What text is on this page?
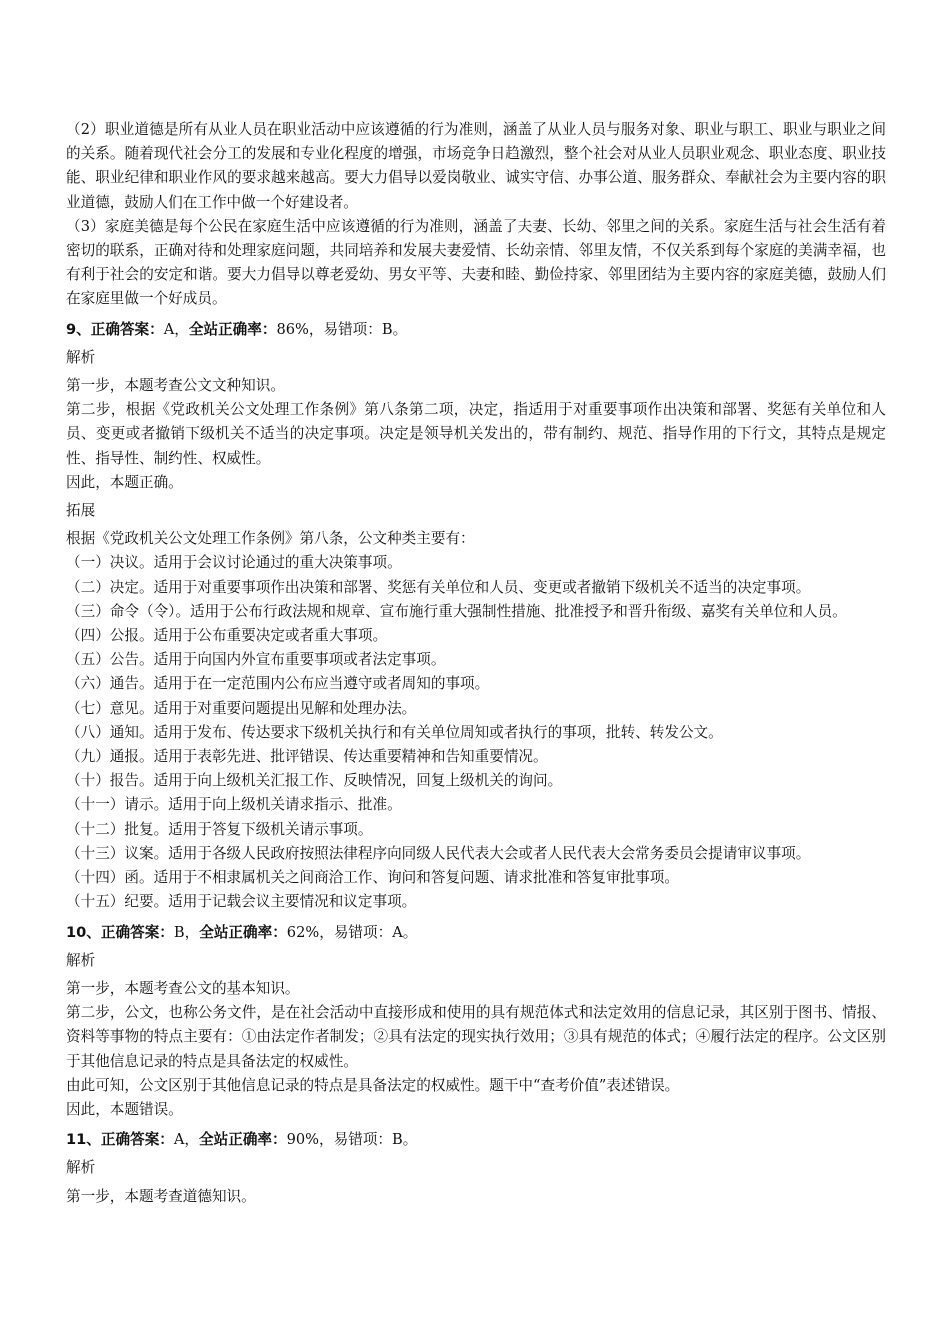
（2）职业道德是所有从业人员在职业活动中应该遵循的行为准则，涵盖了从业人员与服务对象、职业与职工、职业与职业之间的关系。随着现代社会分工的发展和专业化程度的增强，市场竞争日趋激烈，整个社会对从业人员职业观念、职业态度、职业技能、职业纪律和职业作风的要求越来越高。要大力倡导以爱岗敬业、诚实守信、办事公道、服务群众、奉献社会为主要内容的职业道德，鼓励人们在工作中做一个好建设者。

（3）家庭美德是每个公民在家庭生活中应该遵循的行为准则，涵盖了夫妻、长幼、邻里之间的关系。家庭生活与社会生活有着密切的联系，正确对待和处理家庭问题，共同培养和发展夫妻爱情、长幼亲情、邻里友情，不仅关系到每个家庭的美满幸福，也有利于社会的安定和谐。要大力倡导以尊老爱幼、男女平等、夫妻和睦、勤俭持家、邻里团结为主要内容的家庭美德，鼓励人们在家庭里做一个好成员。

9、正确答案：A，全站正确率：86%，易错项：B。

解析

第一步，本题考查公文文种知识。

第二步，根据《党政机关公文处理工作条例》第八条第二项，决定，指适用于对重要事项作出决策和部署、奖惩有关单位和人员、变更或者撤销下级机关不适当的决定事项。决定是领导机关发出的，带有制约、规范、指导作用的下行文，其特点是规定性、指导性、制约性、权威性。

因此，本题正确。

拓展

根据《党政机关公文处理工作条例》第八条，公文种类主要有：

（一）决议。适用于会议讨论通过的重大决策事项。

（二）决定。适用于对重要事项作出决策和部署、奖惩有关单位和人员、变更或者撤销下级机关不适当的决定事项。

（三）命令（令）。适用于公布行政法规和规章、宣布施行重大强制性措施、批准授予和晋升衔级、嘉奖有关单位和人员。

（四）公报。适用于公布重要决定或者重大事项。

（五）公告。适用于向国内外宣布重要事项或者法定事项。

（六）通告。适用于在一定范围内公布应当遵守或者周知的事项。

（七）意见。适用于对重要问题提出见解和处理办法。

（八）通知。适用于发布、传达要求下级机关执行和有关单位周知或者执行的事项，批转、转发公文。

（九）通报。适用于表彰先进、批评错误、传达重要精神和告知重要情况。

（十）报告。适用于向上级机关汇报工作、反映情况，回复上级机关的询问。

（十一）请示。适用于向上级机关请求指示、批准。

（十二）批复。适用于答复下级机关请示事项。

（十三）议案。适用于各级人民政府按照法律程序向同级人民代表大会或者人民代表大会常务委员会提请审议事项。

（十四）函。适用于不相隶属机关之间商洽工作、询问和答复问题、请求批准和答复审批事项。

（十五）纪要。适用于记载会议主要情况和议定事项。

10、正确答案：B，全站正确率：62%，易错项：A。

解析

第一步，本题考查公文的基本知识。

第二步，公文，也称公务文件，是在社会活动中直接形成和使用的具有规范体式和法定效用的信息记录，其区别于图书、情报、资料等事物的特点主要有：①由法定作者制发；②具有法定的现实执行效用；③具有规范的体式；④履行法定的程序。公文区别于其他信息记录的特点是具备法定的权威性。

由此可知，公文区别于其他信息记录的特点是具备法定的权威性。题干中“查考价值”表述错误。

因此，本题错误。

11、正确答案：A，全站正确率：90%，易错项：B。

解析

第一步，本题考查道德知识。
